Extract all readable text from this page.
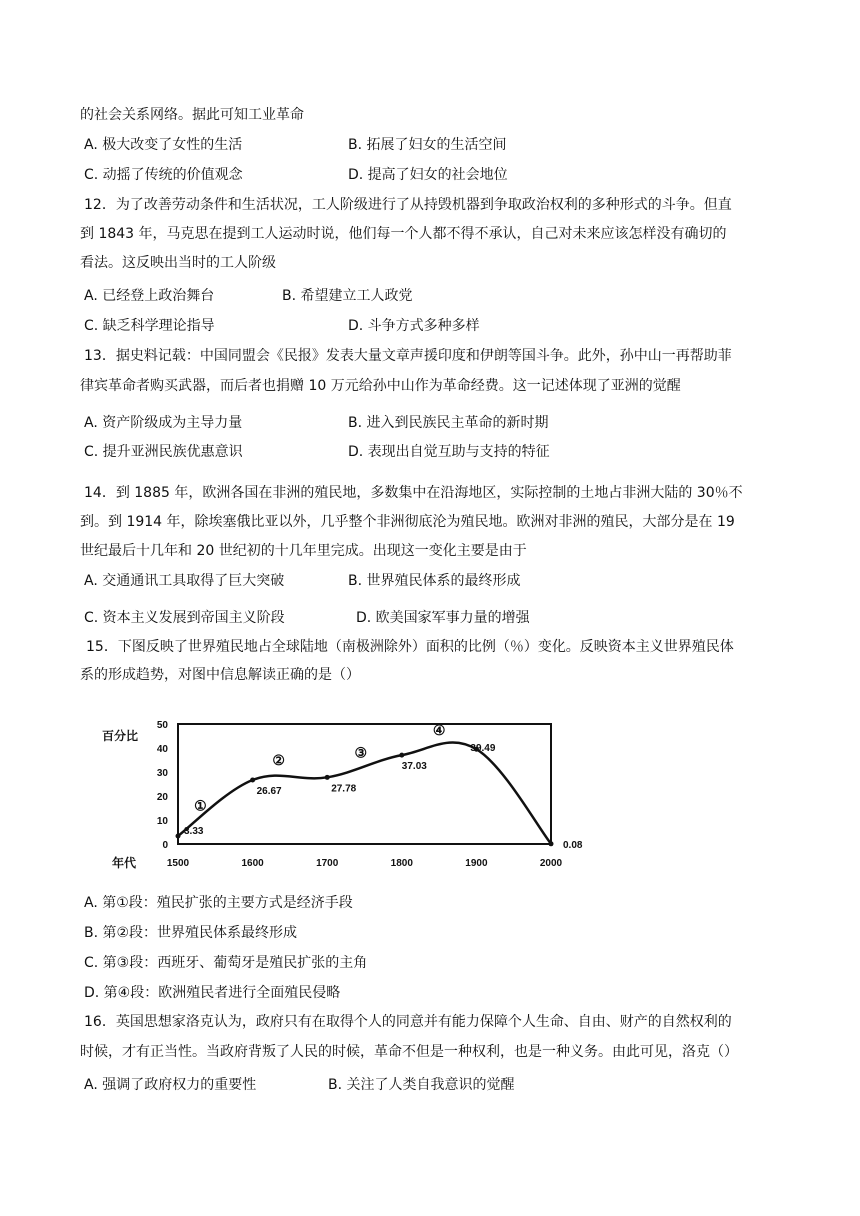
的社会关系网络。据此可知工业革命
A. 极大改变了女性的生活	B. 拓展了妇女的生活空间
C. 动摇了传统的价值观念	D. 提高了妇女的社会地位
12．为了改善劳动条件和生活状况，工人阶级进行了从持毁机器到争取政治权利的多种形式的斗争。但直
到 1843 年，马克思在提到工人运动时说，他们每一个人都不得不承认，自己对未来应该怎样没有确切的
看法。这反映出当时的工人阶级
A. 已经登上政治舞台	B. 希望建立工人政党
C. 缺乏科学理论指导	D. 斗争方式多种多样
13．据史料记载：中国同盟会《民报》发表大量文章声援印度和伊朗等国斗争。此外，孙中山一再帮助菲
律宾革命者购买武器，而后者也捐赠 10 万元给孙中山作为革命经费。这一记述体现了亚洲的觉醒
A. 资产阶级成为主导力量	B. 进入到民族民主革命的新时期
C. 提升亚洲民族优惠意识	D. 表现出自觉互助与支持的特征
14．到 1885 年，欧洲各国在非洲的殖民地，多数集中在沿海地区，实际控制的土地占非洲大陆的 30％不
到。到 1914 年，除埃塞俄比亚以外，几乎整个非洲彻底沦为殖民地。欧洲对非洲的殖民，大部分是在 19
世纪最后十几年和 20 世纪初的十几年里完成。出现这一变化主要是由于
A. 交通通讯工具取得了巨大突破	B. 世界殖民体系的最终形成
C. 资本主义发展到帝国主义阶段	D. 欧美国家军事力量的增强
15．下图反映了世界殖民地占全球陆地（南极洲除外）面积的比例（％）变化。反映资本主义世界殖民体
系的形成趋势，对图中信息解读正确的是（）
百分比
年代
0
10
20
30
40
50
1500	1600	1700	1800	1900	2000
3.33
26.67	27.78
37.03
39.49
0.08
①
②	③
④
A. 第①段：殖民扩张的主要方式是经济手段
B. 第②段：世界殖民体系最终形成
C. 第③段：西班牙、葡萄牙是殖民扩张的主角
D. 第④段：欧洲殖民者进行全面殖民侵略
16．英国思想家洛克认为，政府只有在取得个人的同意并有能力保障个人生命、自由、财产的自然权利的
时候，才有正当性。当政府背叛了人民的时候，革命不但是一种权利，也是一种义务。由此可见，洛克（）
A. 强调了政府权力的重要性	B. 关注了人类自我意识的觉醒
